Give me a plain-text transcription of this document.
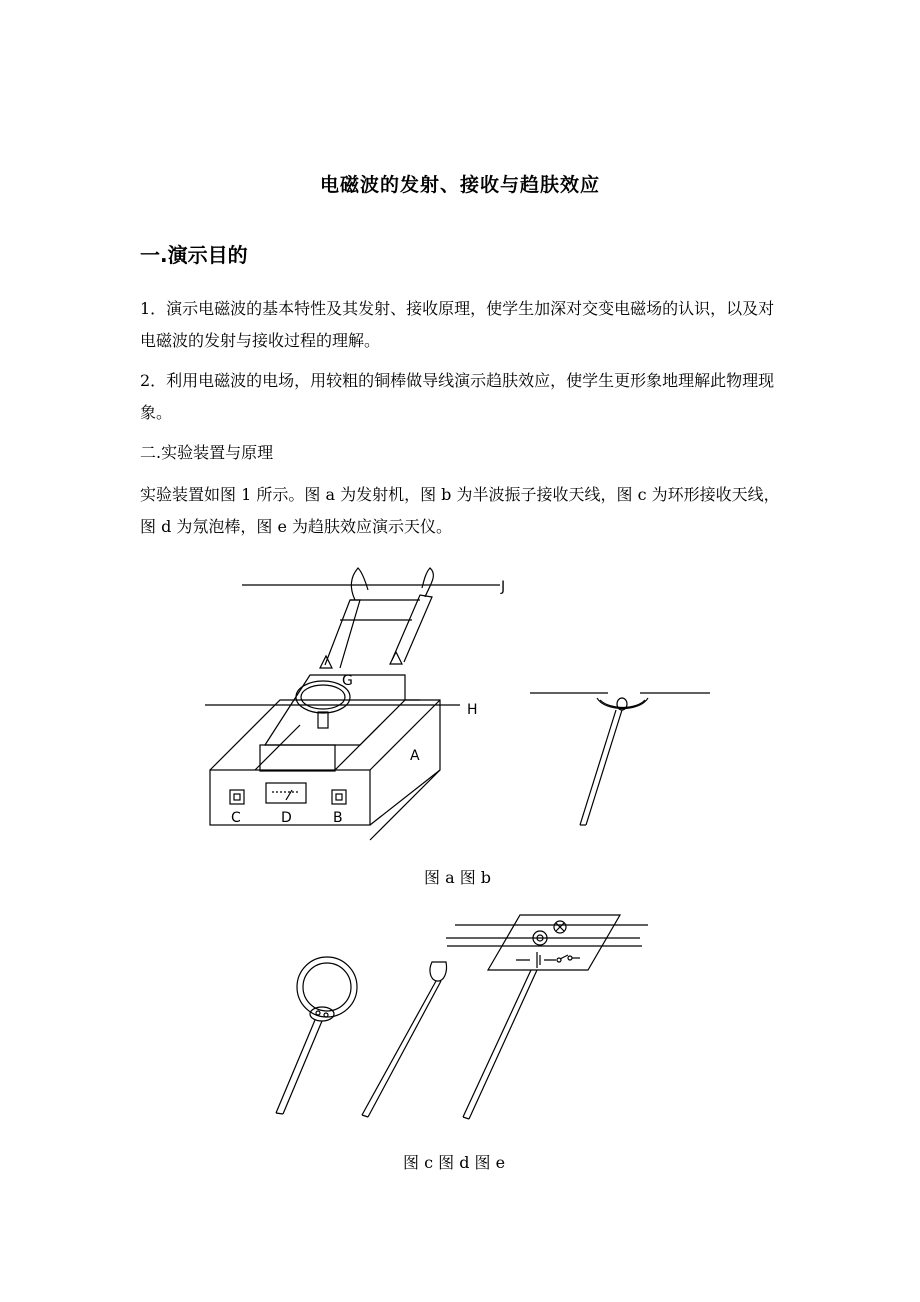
电磁波的发射、接收与趋肤效应
一.演示目的
1．演示电磁波的基本特性及其发射、接收原理，使学生加深对交变电磁场的认识，以及对电磁波的发射与接收过程的理解。
2．利用电磁波的电场，用较粗的铜棒做导线演示趋肤效应，使学生更形象地理解此物理现象。
二.实验装置与原理
实验装置如图 1 所示。图 a 为发射机，图 b 为半波振子接收天线，图 c 为环形接收天线，图 d 为氖泡棒，图 e 为趋肤效应演示天仪。
J
G
H
A
C	D	B
图 a 图 b
图 c 图 d 图 e
